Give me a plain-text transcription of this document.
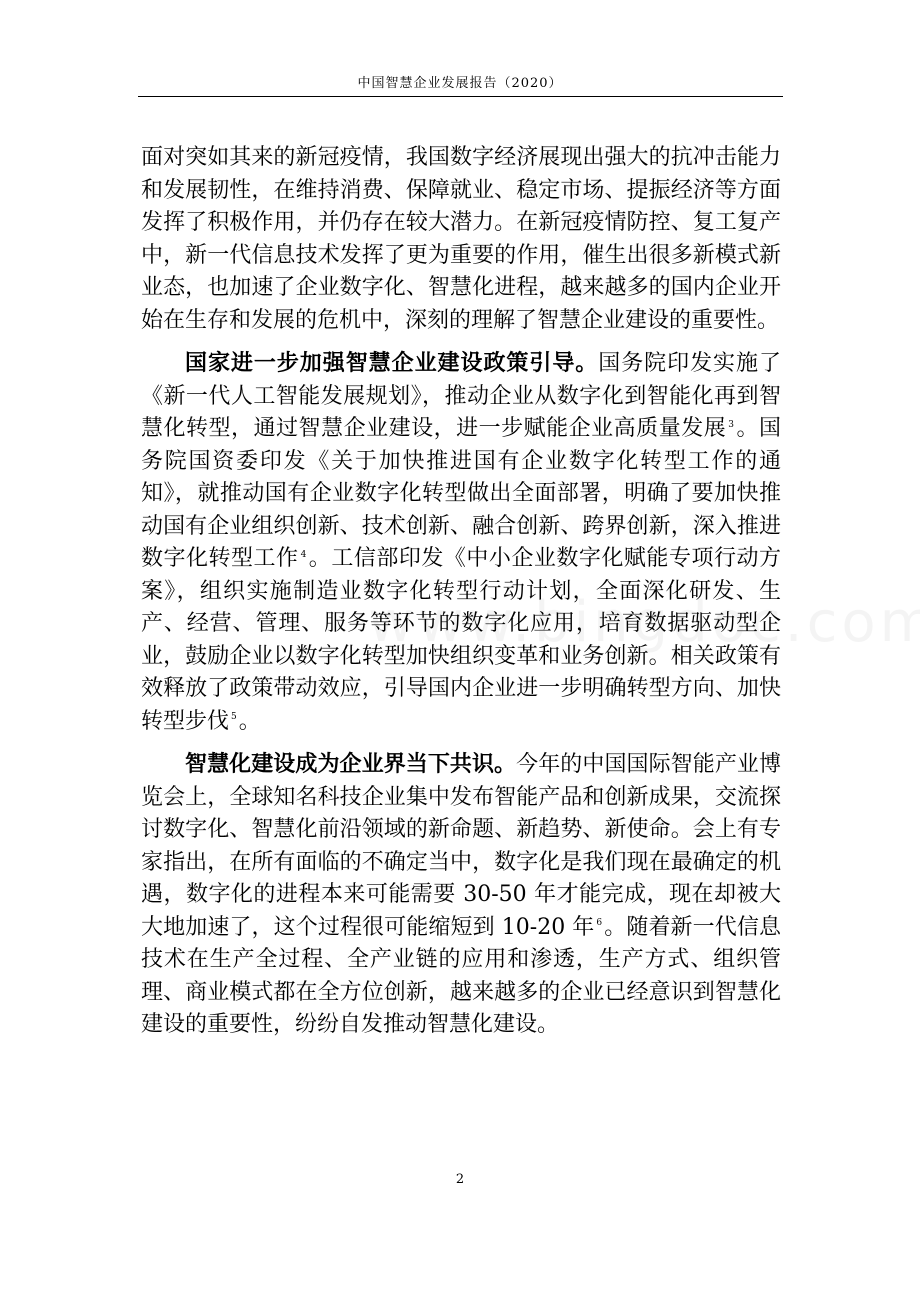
中国智慧企业发展报告（2020）

面对突如其来的新冠疫情，我国数字经济展现出强大的抗冲击能力和发展韧性，在维持消费、保障就业、稳定市场、提振经济等方面发挥了积极作用，并仍存在较大潜力。在新冠疫情防控、复工复产中，新一代信息技术发挥了更为重要的作用，催生出很多新模式新业态，也加速了企业数字化、智慧化进程，越来越多的国内企业开始在生存和发展的危机中，深刻的理解了智慧企业建设的重要性。

国家进一步加强智慧企业建设政策引导。国务院印发实施了《新一代人工智能发展规划》，推动企业从数字化到智能化再到智慧化转型，通过智慧企业建设，进一步赋能企业高质量发展 $^3$。国务院国资委印发《关于加快推进国有企业数字化转型工作的通知》，就推动国有企业数字化转型做出全面部署，明确了要加快推动国有企业组织创新、技术创新、融合创新、跨界创新，深入推进数字化转型工作 $^4$。工信部印发《中小企业数字化赋能专项行动方案》，组织实施制造业数字化转型行动计划，全面深化研发、生产、经营、管理、服务等环节的数字化应用，培育数据驱动型企业，鼓励企业以数字化转型加快组织变革和业务创新。相关政策有效释放了政策带动效应，引导国内企业进一步明确转型方向、加快转型步伐 $^5$。

智慧化建设成为企业界当下共识。今年的中国国际智能产业博览会上，全球知名科技企业集中发布智能产品和创新成果，交流探讨数字化、智慧化前沿领域的新命题、新趋势、新使命。会上有专家指出，在所有面临的不确定当中，数字化是我们现在最确定的机遇，数字化的进程本来可能需要 30-50 年才能完成，现在却被大大地加速了，这个过程很可能缩短到 10-20 年 $^6$。随着新一代信息技术在生产全过程、全产业链的应用和渗透，生产方式、组织管理、商业模式都在全方位创新，越来越多的企业已经意识到智慧化建设的重要性，纷纷自发推动智慧化建设。

2
